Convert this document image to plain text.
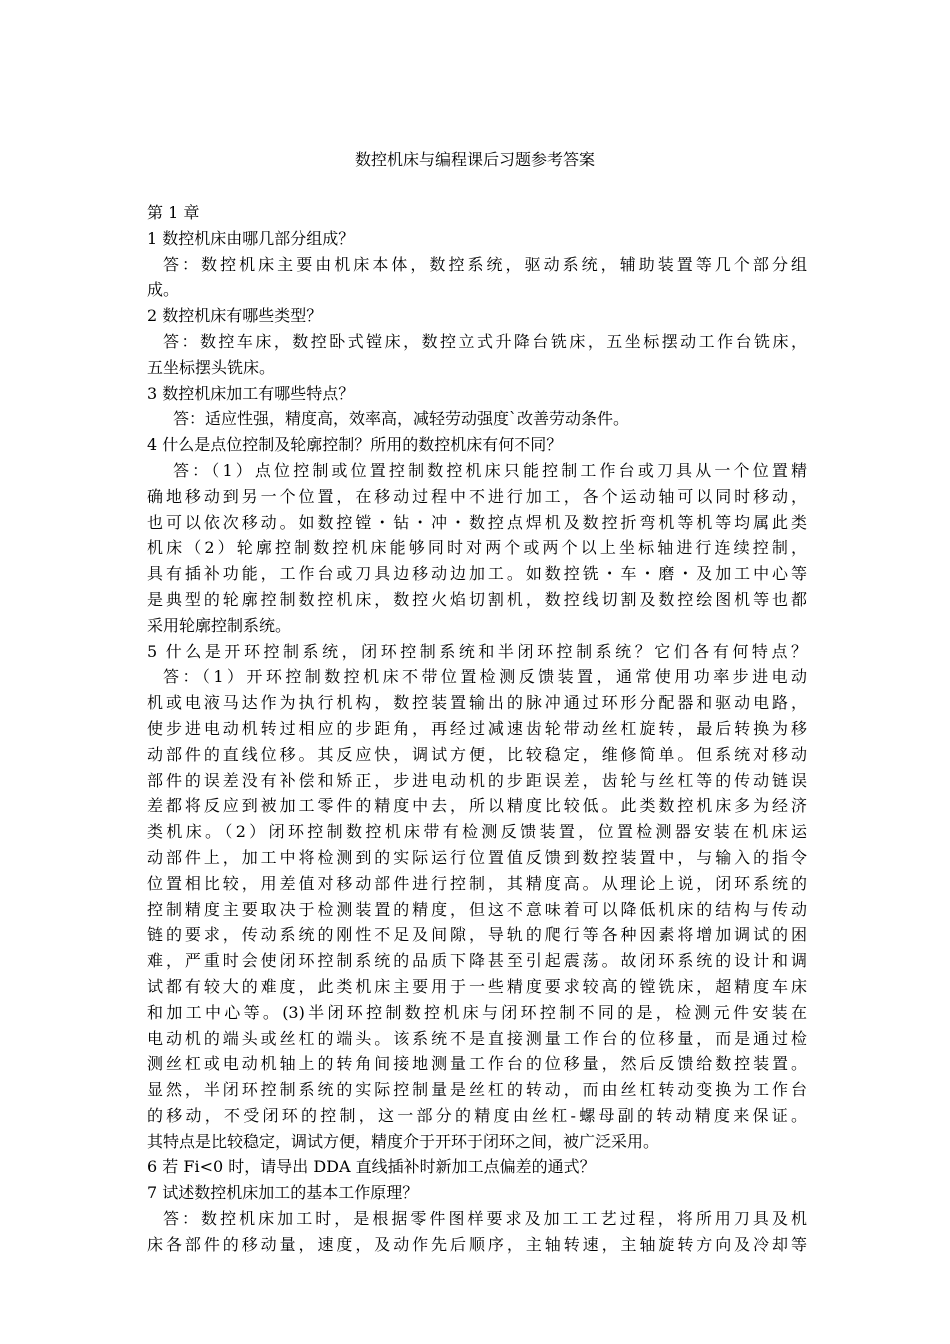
数控机床与编程课后习题参考答案

第 1 章

1 数控机床由哪几部分组成？

答：数控机床主要由机床本体，数控系统，驱动系统，辅助装置等几个部分组

成。

2 数控机床有哪些类型？

答：数控车床，数控卧式镗床，数控立式升降台铣床，五坐标摆动工作台铣床，

五坐标摆头铣床。

3 数控机床加工有哪些特点？

答：适应性强，精度高，效率高，减轻劳动强度`改善劳动条件。

4 什么是点位控制及轮廓控制？所用的数控机床有何不同？

答：（1）点位控制或位置控制数控机床只能控制工作台或刀具从一个位置精

确地移动到另一个位置，在移动过程中不进行加工，各个运动轴可以同时移动，

也可以依次移动。如数控镗・钻・冲・数控点焊机及数控折弯机等机等均属此类

机床（2）轮廓控制数控机床能够同时对两个或两个以上坐标轴进行连续控制，

具有插补功能，工作台或刀具边移动边加工。如数控铣・车・磨・及加工中心等

是典型的轮廓控制数控机床，数控火焰切割机，数控线切割及数控绘图机等也都

采用轮廓控制系统。

5 什么是开环控制系统，闭环控制系统和半闭环控制系统？它们各有何特点？

答：（1）开环控制数控机床不带位置检测反馈装置，通常使用功率步进电动

机或电液马达作为执行机构，数控装置输出的脉冲通过环形分配器和驱动电路，

使步进电动机转过相应的步距角，再经过减速齿轮带动丝杠旋转，最后转换为移

动部件的直线位移。其反应快，调试方便，比较稳定，维修简单。但系统对移动

部件的误差没有补偿和矫正，步进电动机的步距误差，齿轮与丝杠等的传动链误

差都将反应到被加工零件的精度中去，所以精度比较低。此类数控机床多为经济

类机床。（2）闭环控制数控机床带有检测反馈装置，位置检测器安装在机床运

动部件上，加工中将检测到的实际运行位置值反馈到数控装置中，与输入的指令

位置相比较，用差值对移动部件进行控制，其精度高。从理论上说，闭环系统的

控制精度主要取决于检测装置的精度，但这不意味着可以降低机床的结构与传动

链的要求，传动系统的刚性不足及间隙，导轨的爬行等各种因素将增加调试的困

难，严重时会使闭环控制系统的品质下降甚至引起震荡。故闭环系统的设计和调

试都有较大的难度，此类机床主要用于一些精度要求较高的镗铣床，超精度车床

和加工中心等。(3)半闭环控制数控机床与闭环控制不同的是，检测元件安装在

电动机的端头或丝杠的端头。该系统不是直接测量工作台的位移量，而是通过检

测丝杠或电动机轴上的转角间接地测量工作台的位移量，然后反馈给数控装置。

显然，半闭环控制系统的实际控制量是丝杠的转动，而由丝杠转动变换为工作台

的移动，不受闭环的控制，这一部分的精度由丝杠-螺母副的转动精度来保证。

其特点是比较稳定，调试方便，精度介于开环于闭环之间，被广泛采用。

6 若 Fi<0 时，请导出 DDA 直线插补时新加工点偏差的通式？

7 试述数控机床加工的基本工作原理？

答：数控机床加工时，是根据零件图样要求及加工工艺过程，将所用刀具及机

床各部件的移动量，速度，及动作先后顺序，主轴转速，主轴旋转方向及冷却等
